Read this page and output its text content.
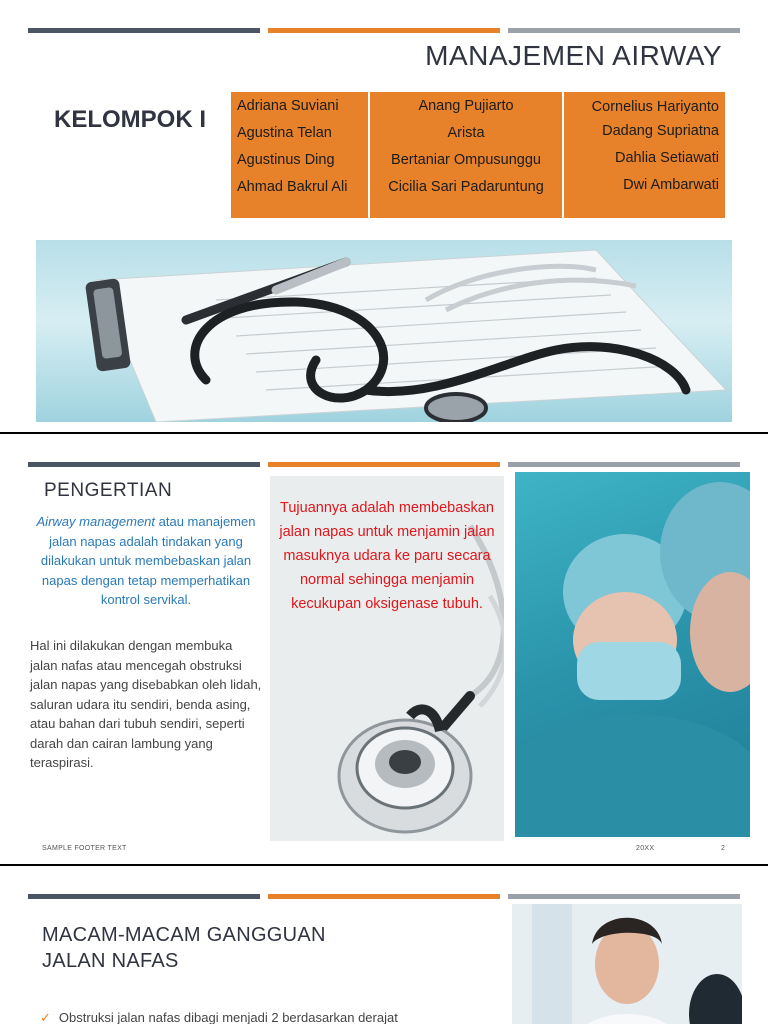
MANAJEMEN AIRWAY
KELOMPOK I	Adriana Suviani
Agustina Telan
Agustinus Ding
Ahmad Bakrul Ali
Anang Pujiarto
Arista
Bertaniar Ompusunggu
Cicilia Sari Padaruntung
Cornelius Hariyanto
Dadang Supriatna
Dahlia Setiawati
Dwi Ambarwati
PENGERTIAN
Airway management atau manajemen jalan napas adalah tindakan yang dilakukan untuk membebaskan jalan napas dengan tetap memperhatikan kontrol servikal.
Hal ini dilakukan dengan membuka jalan nafas atau mencegah obstruksi jalan napas yang disebabkan oleh lidah, saluran udara itu sendiri, benda asing, atau bahan dari tubuh sendiri, seperti darah dan cairan lambung yang teraspirasi.
Tujuannya adalah membebaskan jalan napas untuk menjamin jalan masuknya udara ke paru secara normal sehingga menjamin kecukupan oksigenase tubuh.
SAMPLE FOOTER TEXT	20XX	2
MACAM-MACAM GANGGUAN JALAN NAFAS
✓ Obstruksi jalan nafas dibagi menjadi 2 berdasarkan derajat
